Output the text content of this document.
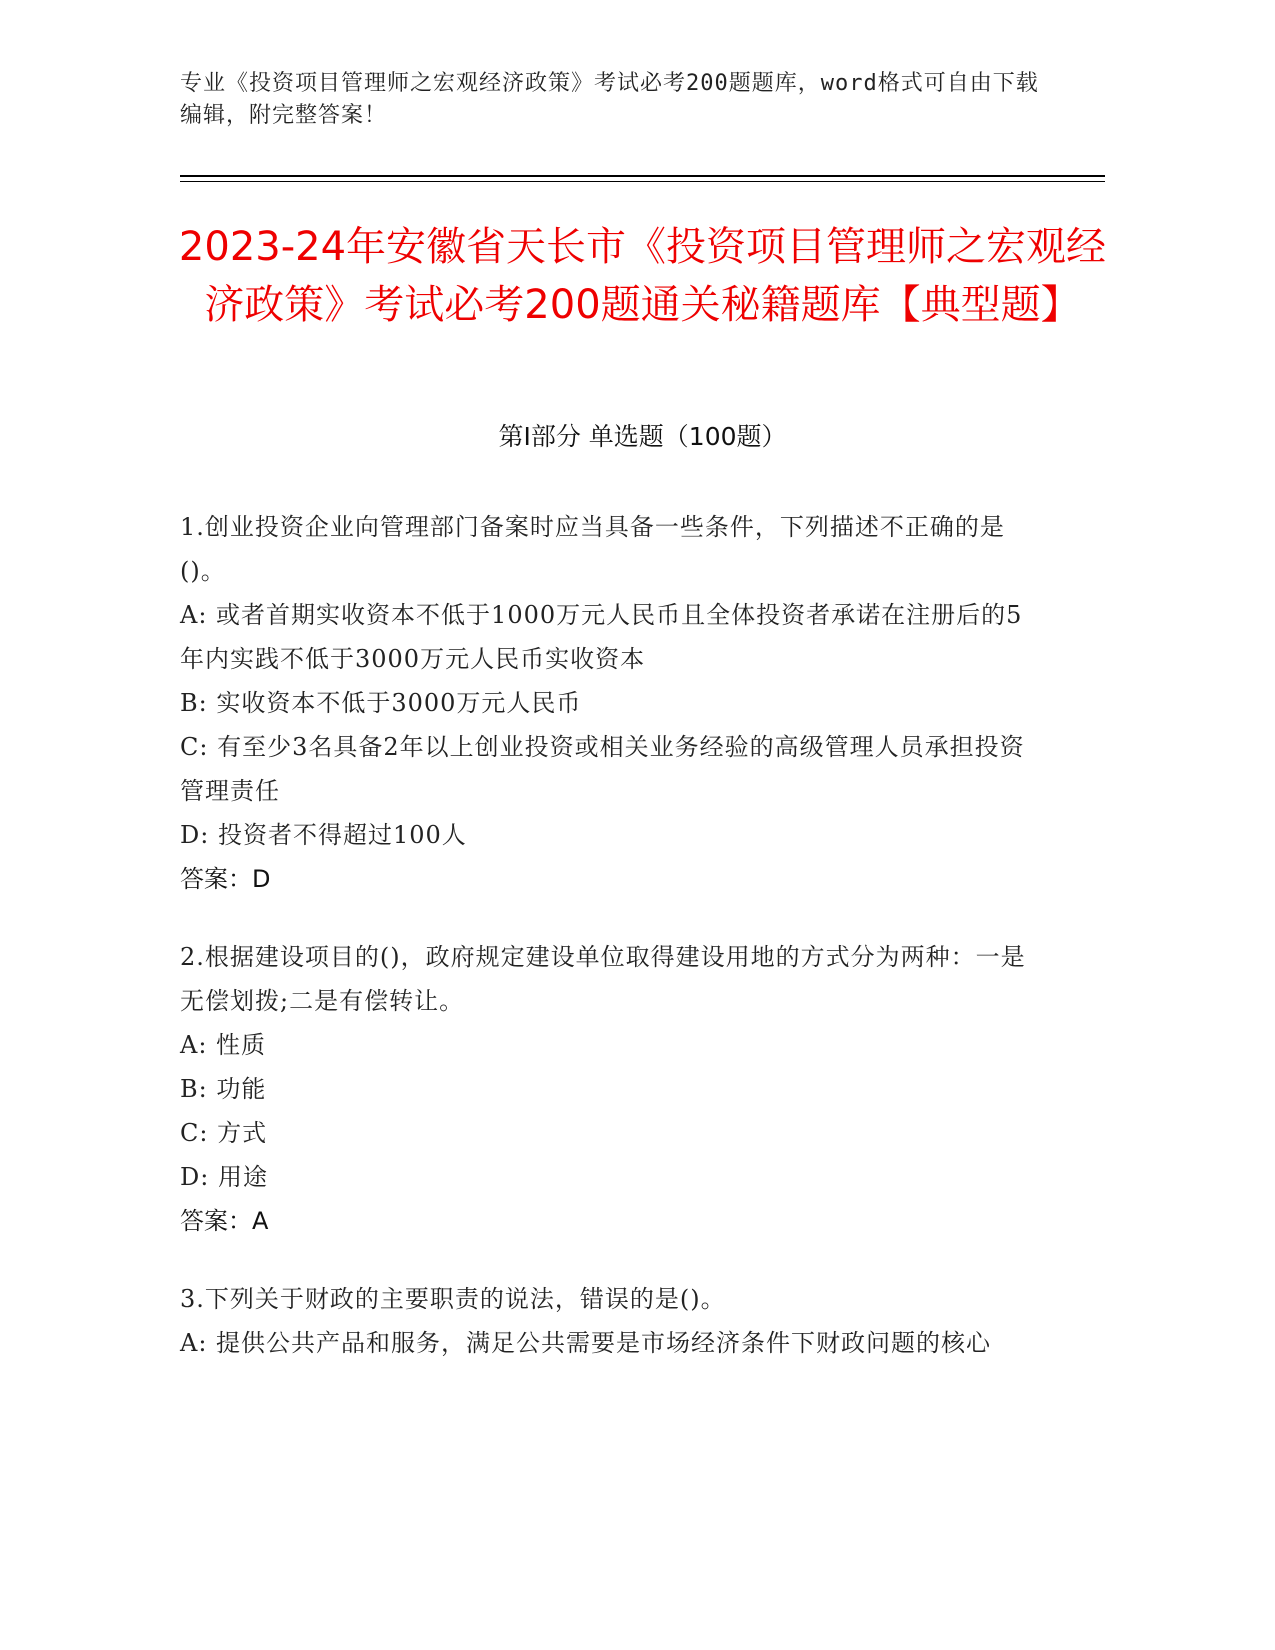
专业《投资项目管理师之宏观经济政策》考试必考200题题库，word格式可自由下载编辑，附完整答案！
2023-24年安徽省天长市《投资项目管理师之宏观经济政策》考试必考200题通关秘籍题库【典型题】
第Ⅰ部分 单选题（100题）
1.创业投资企业向管理部门备案时应当具备一些条件，下列描述不正确的是()。
A: 或者首期实收资本不低于1000万元人民币且全体投资者承诺在注册后的5年内实践不低于3000万元人民币实收资本
B: 实收资本不低于3000万元人民币
C: 有至少3名具备2年以上创业投资或相关业务经验的高级管理人员承担投资管理责任
D: 投资者不得超过100人
答案：D
2.根据建设项目的()，政府规定建设单位取得建设用地的方式分为两种：一是无偿划拨;二是有偿转让。
A: 性质
B: 功能
C: 方式
D: 用途
答案：A
3.下列关于财政的主要职责的说法，错误的是()。
A: 提供公共产品和服务，满足公共需要是市场经济条件下财政问题的核心
